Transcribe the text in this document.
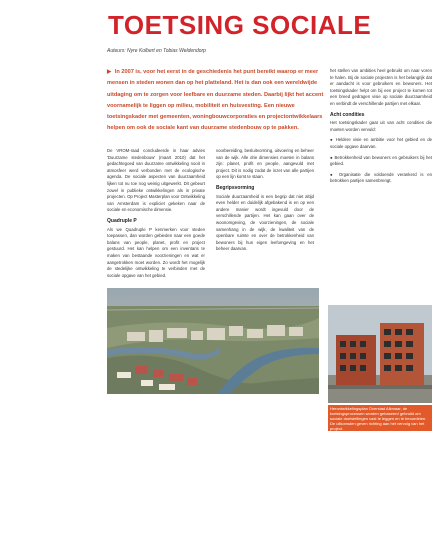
TOETSING SOCIALE
Auteurs: Nyre Kolbert en Tobias Weldendorp
▶ In 2007 is, voor het eerst in de geschiedenis het punt bereikt waarop er meer mensen in steden wonen dan op het platteland. Het is dan ook een wereldwijde uitdaging om te zorgen voor leefbare en duurzame steden. Daarbij lijkt het accent voornamelijk te liggen op milieu, mobiliteit en huisvesting. Een nieuwe toetsingskader met gemeenten, woningbouwcorporaties en projectontwikkelaars helpen om ook de sociale kant van duurzame stedenbouw op te pakken.

De VROM-raad concludeerde in haar advies 'Duurzame stedenbouw' (maart 2010) dat het gedachtegoed van duurzame ontwikkeling nooit in atmosfeer werd verbonden met de ecologische agenda. De sociale aspecten van duurzaamheid lijken tot nu toe nog weinig uitgewerkt. Dit gebeurt zowel in publieke ontwikkelingen als in private projecten. Op Project Masterplan voor Ontwikkeling van Amsterdam is expliciet gekeken naar de sociale en economische dimensie.

Quadruple P

Als we Quadruple P kenmerken voor steden toepassen, dan worden gebieden naar een goede balans van people, planet, profit en project gestuurd. Het kan helpen om een inventaris te maken van bestaande voorzieningen en wat er aangetrokken moet worden. Zo wordt het mogelijk de stedelijke ontwikkeling te verbinden met de sociale opgave van het gebied.

voorbereiding, besluitvorming, uitvoering en beheer van de wijk. Alle drie dimensies moeten in balans zijn: planet, profit en people, aangevuld met project. Dit is nodig zodat de inzet van alle partijen op een lijn komt te staan.

Begripsvorming

Sociale duurzaamheid is een begrip dat niet altijd even helder en duidelijk afgebakend is en op een andere manier wordt ingevuld door de verschillende partijen. Het kan gaan over de woonomgeving, de voorzieningen, de sociale samenhang in de wijk, de kwaliteit van de openbare ruimte en over de betrokkenheid van bewoners bij hun eigen leefomgeving en het beheer daarvan.

het stellen van ambities heel gebruikt om naar voren te halen. Bij de sociale projecten is het belangrijk dat er aandacht is voor gebruikers en bewoners. Het toetsingskader helpt om bij een project te komen tot een breed gedragen visie op sociale duurzaamheid en verbindt de verschillende partijen met elkaar.

Acht condities

Het toetsingskader gaat uit van acht condities die moeten worden vervuld:

● Heldere visie en ambitie voor het gebied en de sociale opgave daarvan.

● Betrokkenheid van bewoners en gebruikers bij het gebied.

● Organisatie die voldoende verankerd is en betrokken partijen samenbrengt.

Herontwikkelingsplan Overstad Alkmaar, de toetsingsprocessen worden gebaseerd gebruikt om sociale doelstellingen vast te leggen en te beoordelen. De uitkomsten geven richting aan het vervolg van het project.
